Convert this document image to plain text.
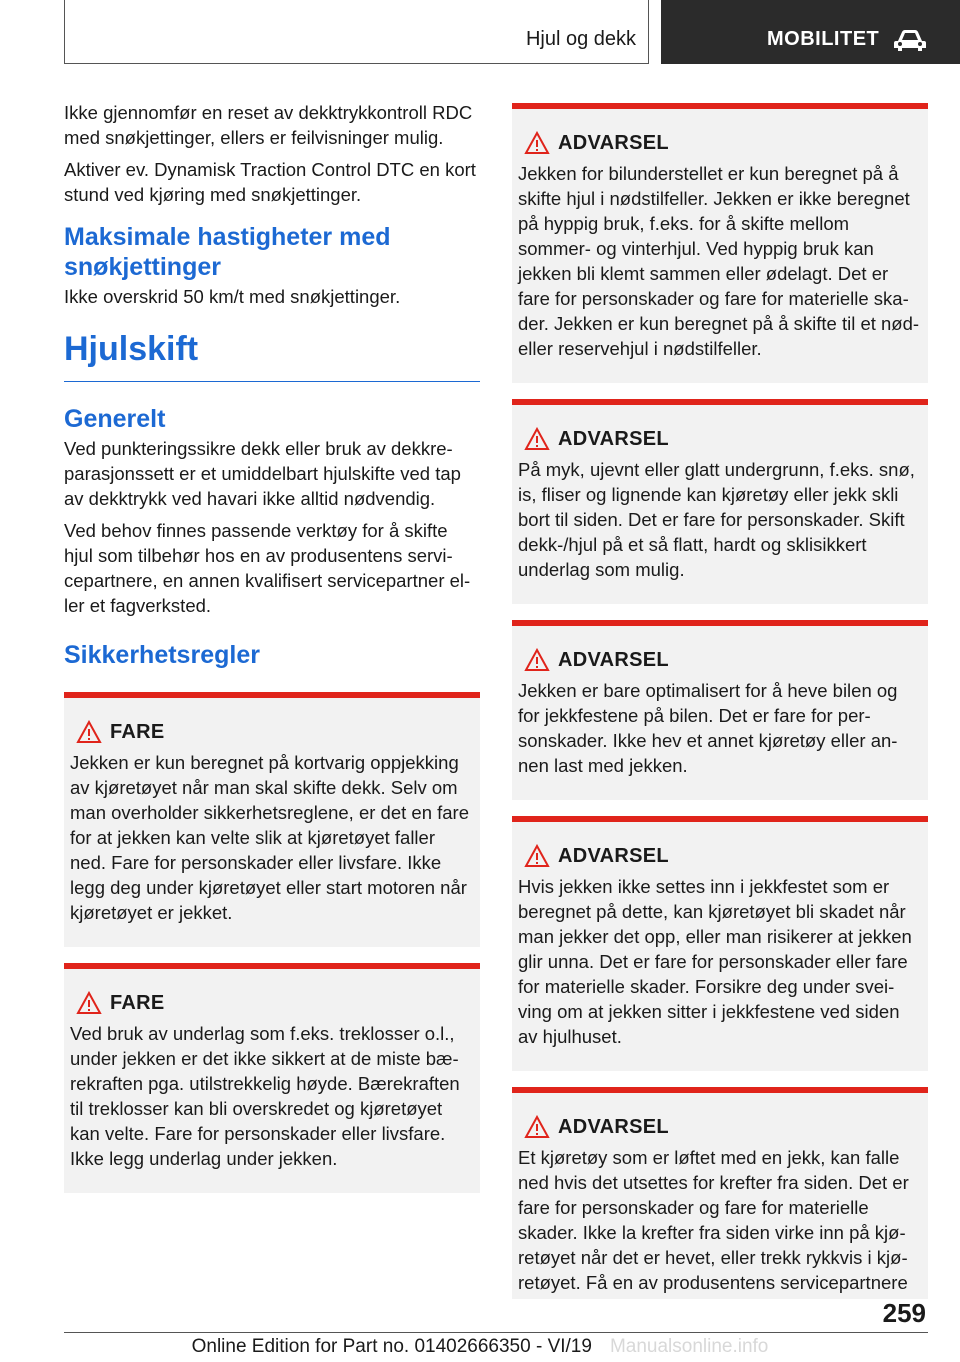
Hjul og dekk	MOBILITET

Ikke gjennomfør en reset av dekktrykkontroll RDC med snøkjettinger, ellers er feilvisninger mulig.

Aktiver ev. Dynamisk Traction Control DTC en kort stund ved kjøring med snøkjettinger.

Maksimale hastigheter med snøkjettinger

Ikke overskrid 50 km/t med snøkjettinger.

Hjulskift
Generelt

Ved punkteringssikre dekk eller bruk av dekkreparasjonssett er et umiddelbart hjulskifte ved tap av dekktrykk ved havari ikke alltid nødvendig.

Ved behov finnes passende verktøy for å skifte hjul som tilbehør hos en av produsentens servicepartnere, en annen kvalifisert servicepartner eller et fagverksted.

Sikkerhetsregler
FARE

Jekken er kun beregnet på kortvarig oppjekking av kjøretøyet når man skal skifte dekk. Selv om man overholder sikkerhetsreglene, er det en fare for at jekken kan velte slik at kjøretøyet faller ned. Fare for personskader eller livsfare. Ikke legg deg under kjøretøyet eller start motoren når kjøretøyet er jekket.

FARE

Ved bruk av underlag som f.eks. treklosser o.l., under jekken er det ikke sikkert at de miste bærekraften pga. utilstrekkelig høyde. Bærekraften til treklosser kan bli overskredet og kjøretøyet kan velte. Fare for personskader eller livsfare. Ikke legg underlag under jekken.

ADVARSEL

Jekken for bilunderstellet er kun beregnet på å skifte hjul i nødstilfeller. Jekken er ikke beregnet på hyppig bruk, f.eks. for å skifte mellom sommer- og vinterhjul. Ved hyppig bruk kan jekken bli klemt sammen eller ødelagt. Det er fare for personskader og fare for materielle skader. Jekken er kun beregnet på å skifte til et nød- eller reservehjul i nødstilfeller.

ADVARSEL

På myk, ujevnt eller glatt undergrunn, f.eks. snø, is, fliser og lignende kan kjøretøy eller jekk skli bort til siden. Det er fare for personskader. Skift dekk-/hjul på et så flatt, hardt og sklisikkert underlag som mulig.

ADVARSEL

Jekken er bare optimalisert for å heve bilen og for jekkfestene på bilen. Det er fare for personskader. Ikke hev et annet kjøretøy eller annen last med jekken.

ADVARSEL

Hvis jekken ikke settes inn i jekkfestet som er beregnet på dette, kan kjøretøyet bli skadet når man jekker det opp, eller man risikerer at jekken glir unna. Det er fare for personskader eller fare for materielle skader. Forsikre deg under sveiving om at jekken sitter i jekkfestene ved siden av hjulhuset.

ADVARSEL

Et kjøretøy som er løftet med en jekk, kan falle ned hvis det utsettes for krefter fra siden. Det er fare for personskader og fare for materielle skader. Ikke la krefter fra siden virke inn på kjøretøyet når det er hevet, eller trekk rykkvis i kjøretøyet. Få en av produsentens servicepartnere

259
Online Edition for Part no. 01402666350 - VI/19 Manualsonline.info
